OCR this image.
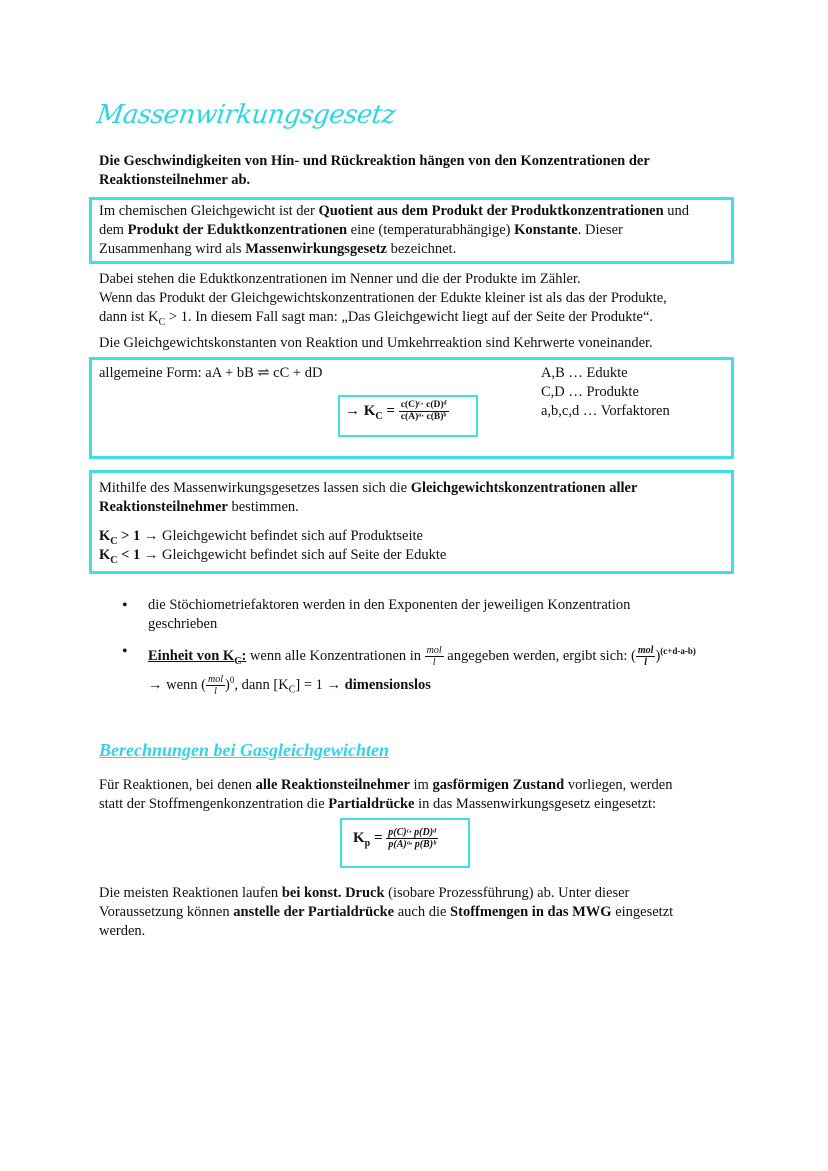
Massenwirkungsgesetz
Die Geschwindigkeiten von Hin- und Rückreaktion hängen von den Konzentrationen der
Reaktionsteilnehmer ab.
Im chemischen Gleichgewicht ist der Quotient aus dem Produkt der Produktkonzentrationen und
dem Produkt der Eduktkonzentrationen eine (temperaturabhängige) Konstante. Dieser
Zusammenhang wird als Massenwirkungsgesetz bezeichnet.
Dabei stehen die Eduktkonzentrationen im Nenner und die der Produkte im Zähler.
Wenn das Produkt der Gleichgewichtskonzentrationen der Edukte kleiner ist als das der Produkte,
dann ist $K_C > 1$. In diesem Fall sagt man: „Das Gleichgewicht liegt auf der Seite der Produkte“.
Die Gleichgewichtskonstanten von Reaktion und Umkehrreaktion sind Kehrwerte voneinander.
allgemeine Form: aA + bB ⇌ cC + dD	A,B … Edukte
C,D … Produkte
a,b,c,d … Vorfaktoren
→ $K_C = \frac{\text{c(C)ᶜ· c(D)ᵈ}}{\text{c(A)ᵃ· c(B)ᵇ}}$
Mithilfe des Massenwirkungsgesetzes lassen sich die Gleichgewichtskonzentrationen aller
Reaktionsteilnehmer bestimmen.
$K_C > 1$ → Gleichgewicht befindet sich auf Produktseite
$K_C < 1$ → Gleichgewicht befindet sich auf Seite der Edukte
• die Stöchiometriefaktoren werden in den Exponenten der jeweiligen Konzentration
geschrieben
• Einheit von $K_C$: wenn alle Konzentrationen in $\frac{\text{mol}}{l}$ angegeben werden, ergibt sich: ( $\frac{\text{mol}}{l} )^{(c+d-a-b)}$
→ wenn ( $\frac{\text{mol}}{l} )^0$, dann $[K_C] = 1$ → dimensionslos
Berechnungen bei Gasgleichgewichten
Für Reaktionen, bei denen alle Reaktionsteilnehmer im gasförmigen Zustand vorliegen, werden
statt der Stoffmengenkonzentration die Partialdrücke in das Massenwirkungsgesetz eingesetzt:
$K_p = \frac{\text{p(C)ᶜ· p(D)ᵈ}}{\text{p(A)ᵃ· p(B)ᵇ}}$
Die meisten Reaktionen laufen bei konst. Druck (isobare Prozessführung) ab. Unter dieser
Voraussetzung können anstelle der Partialdrücke auch die Stoffmengen in das MWG eingesetzt
werden.
